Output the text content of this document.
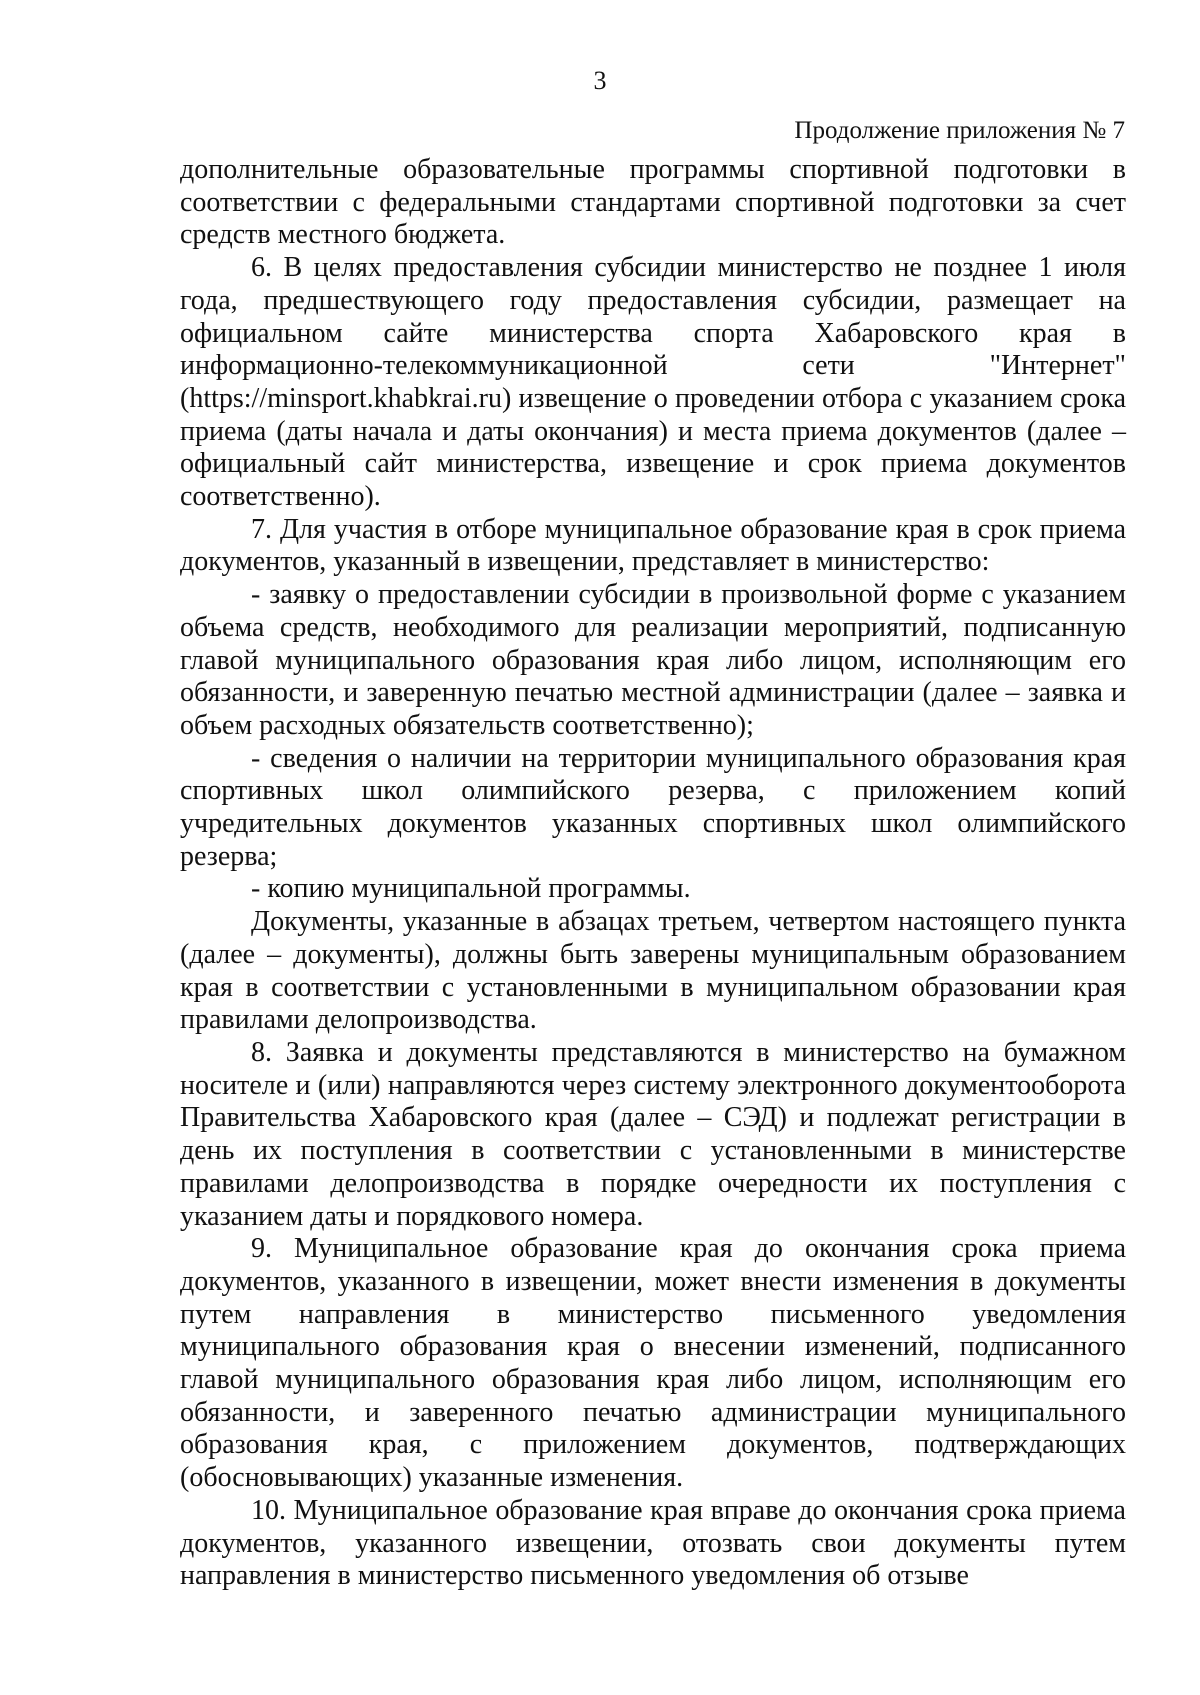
3
Продолжение приложения № 7

дополнительные образовательные программы спортивной подготовки в соответствии с федеральными стандартами спортивной подготовки за счет средств местного бюджета.

6. В целях предоставления субсидии министерство не позднее 1 июля года, предшествующего году предоставления субсидии, размещает на официальном сайте министерства спорта Хабаровского края в информационно-телекоммуникационной сети "Интернет" (https://minsport.khabkrai.ru) извещение о проведении отбора с указанием срока приема (даты начала и даты окончания) и места приема документов (далее – официальный сайт министерства, извещение и срок приема документов соответственно).

7. Для участия в отборе муниципальное образование края в срок приема документов, указанный в извещении, представляет в министерство:

- заявку о предоставлении субсидии в произвольной форме с указанием объема средств, необходимого для реализации мероприятий, подписанную главой муниципального образования края либо лицом, исполняющим его обязанности, и заверенную печатью местной администрации (далее – заявка и объем расходных обязательств соответственно);

- сведения о наличии на территории муниципального образования края спортивных школ олимпийского резерва, с приложением копий учредительных документов указанных спортивных школ олимпийского резерва;

- копию муниципальной программы.

Документы, указанные в абзацах третьем, четвертом настоящего пункта (далее – документы), должны быть заверены муниципальным образованием края в соответствии с установленными в муниципальном образовании края правилами делопроизводства.

8. Заявка и документы представляются в министерство на бумажном носителе и (или) направляются через систему электронного документооборота Правительства Хабаровского края (далее – СЭД) и подлежат регистрации в день их поступления в соответствии с установленными в министерстве правилами делопроизводства в порядке очередности их поступления с указанием даты и порядкового номера.

9. Муниципальное образование края до окончания срока приема документов, указанного в извещении, может внести изменения в документы путем направления в министерство письменного уведомления муниципального образования края о внесении изменений, подписанного главой муниципального образования края либо лицом, исполняющим его обязанности, и заверенного печатью администрации муниципального образования края, с приложением документов, подтверждающих (обосновывающих) указанные изменения.

10. Муниципальное образование края вправе до окончания срока приема документов, указанного извещении, отозвать свои документы путем направления в министерство письменного уведомления об отзыве
